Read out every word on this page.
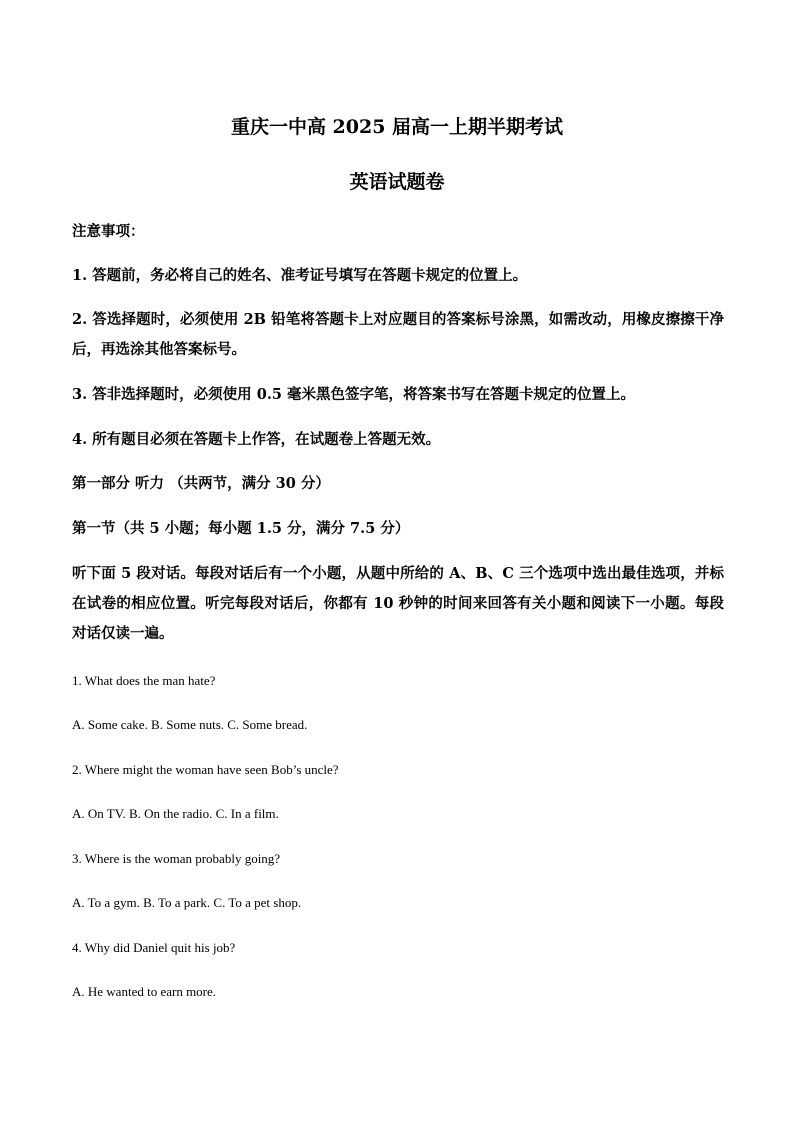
重庆一中高 2025 届高一上期半期考试
英语试题卷
注意事项：
1. 答题前，务必将自己的姓名、准考证号填写在答题卡规定的位置上。
2. 答选择题时，必须使用 2B 铅笔将答题卡上对应题目的答案标号涂黑，如需改动，用橡皮擦擦干净后，再选涂其他答案标号。
3. 答非选择题时，必须使用 0.5 毫米黑色签字笔，将答案书写在答题卡规定的位置上。
4. 所有题目必须在答题卡上作答，在试题卷上答题无效。
第一部分 听力 （共两节，满分 30 分）
第一节（共 5 小题；每小题 1.5 分，满分 7.5 分）
听下面 5 段对话。每段对话后有一个小题，从题中所给的 A、B、C 三个选项中选出最佳选项，并标在试卷的相应位置。听完每段对话后，你都有 10 秒钟的时间来回答有关小题和阅读下一小题。每段对话仅读一遍。
1. What does the man hate?
A. Some cake. B. Some nuts. C. Some bread.
2. Where might the woman have seen Bob’s uncle?
A. On TV. B. On the radio. C. In a film.
3. Where is the woman probably going?
A. To a gym. B. To a park. C. To a pet shop.
4. Why did Daniel quit his job?
A. He wanted to earn more.
